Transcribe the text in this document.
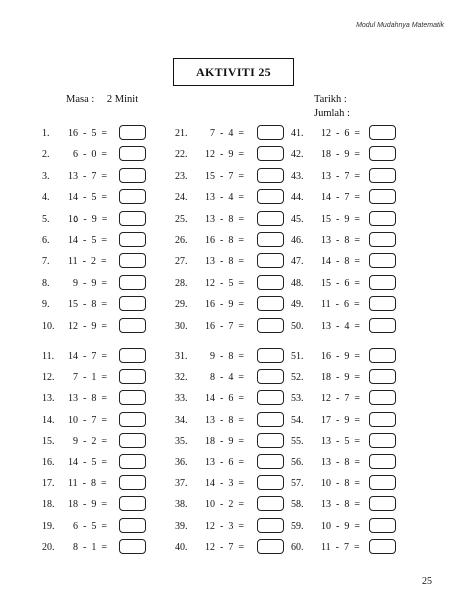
Modul Mudahnya Matematik
AKTIVITI 25
Masa : 2 Minit	Tarikh :
Jumlah :
1. 16  -  5  =
2. 6  -  0  =
3. 13  -  7  =
4. 14  -  5  =
5. 1٥  -  9  =
6. 14  -  5  =
7. 11  -  2  =
8. 9  -  9  =
9. 15  -  8  =
10. 12  -  9  =
11. 14  -  7  =
12. 7  -  1  =
13. 13  -  8  =
14. 10  -  7  =
15. 9  -  2  =
16. 14  -  5  =
17. 11  -  8  =
18. 18  -  9  =
19. 6  -  5  =
20. 8  -  1  =
21. 7  -  4  =
22. 12  -  9  =
23. 15  -  7  =
24. 13  -  4  =
25. 13  -  8  =
26. 16  -  8  =
27. 13  -  8  =
28. 12  -  5  =
29. 16  -  9  =
30. 16  -  7  =
31. 9  -  8  =
32. 8  -  4  =
33. 14  -  6  =
34. 13  -  8  =
35. 18  -  9  =
36. 13  -  6  =
37. 14  -  3  =
38. 10  -  2  =
39. 12  -  3  =
40. 12  -  7  =
41. 12  -  6  =
42. 18  -  9  =
43. 13  -  7  =
44. 14  -  7  =
45. 15  -  9  =
46. 13  -  8  =
47. 14  -  8  =
48. 15  -  6  =
49. 11  -  6  =
50. 13  -  4  =
51. 16  -  9  =
52. 18  -  9  =
53. 12  -  7  =
54. 17  -  9  =
55. 13  -  5  =
56. 13  -  8  =
57. 10  -  8  =
58. 13  -  8  =
59. 10  -  9  =
60. 11  -  7  =
25
